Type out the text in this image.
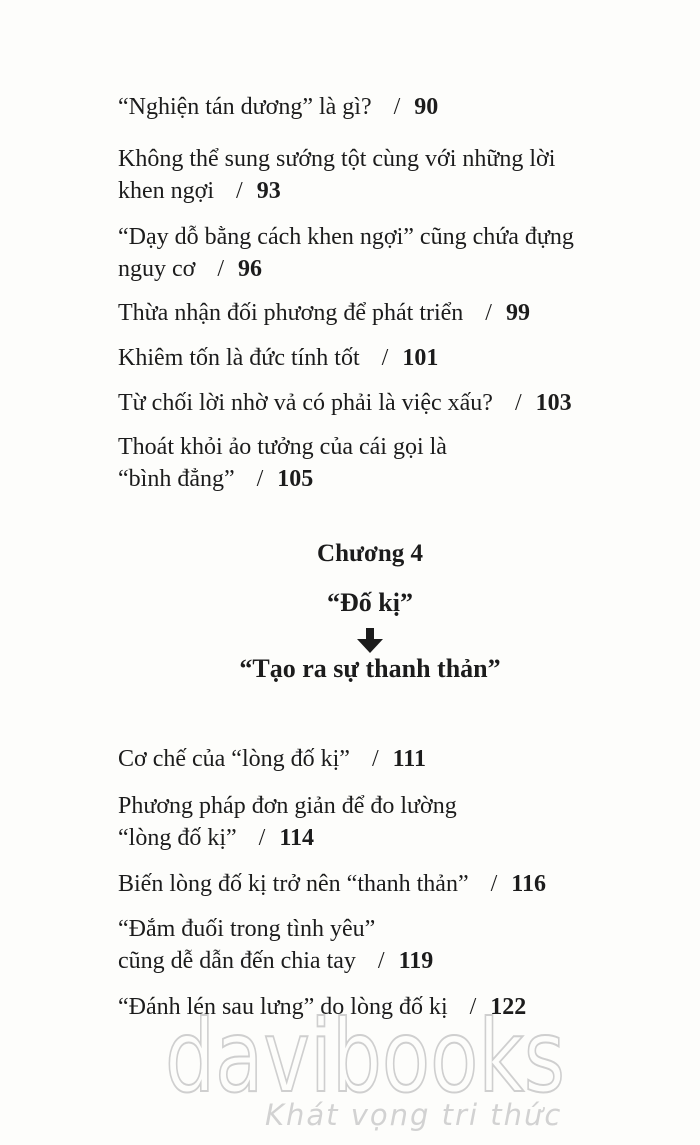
“Nghiện tán dương” là gì? / 90
Không thể sung sướng tột cùng với những lời
khen ngợi / 93
“Dạy dỗ bằng cách khen ngợi” cũng chứa đựng
nguy cơ / 96
Thừa nhận đối phương để phát triển / 99
Khiêm tốn là đức tính tốt / 101
Từ chối lời nhờ vả có phải là việc xấu? / 103
Thoát khỏi ảo tưởng của cái gọi là
“bình đẳng” / 105
Chương 4
“Đố kị”
“Tạo ra sự thanh thản”
Cơ chế của “lòng đố kị” / 111
Phương pháp đơn giản để đo lường
“lòng đố kị” / 114
Biến lòng đố kị trở nên “thanh thản” / 116
“Đắm đuối trong tình yêu”
cũng dễ dẫn đến chia tay / 119
“Đánh lén sau lưng” do lòng đố kị / 122
davibooks
Khát vọng tri thức
